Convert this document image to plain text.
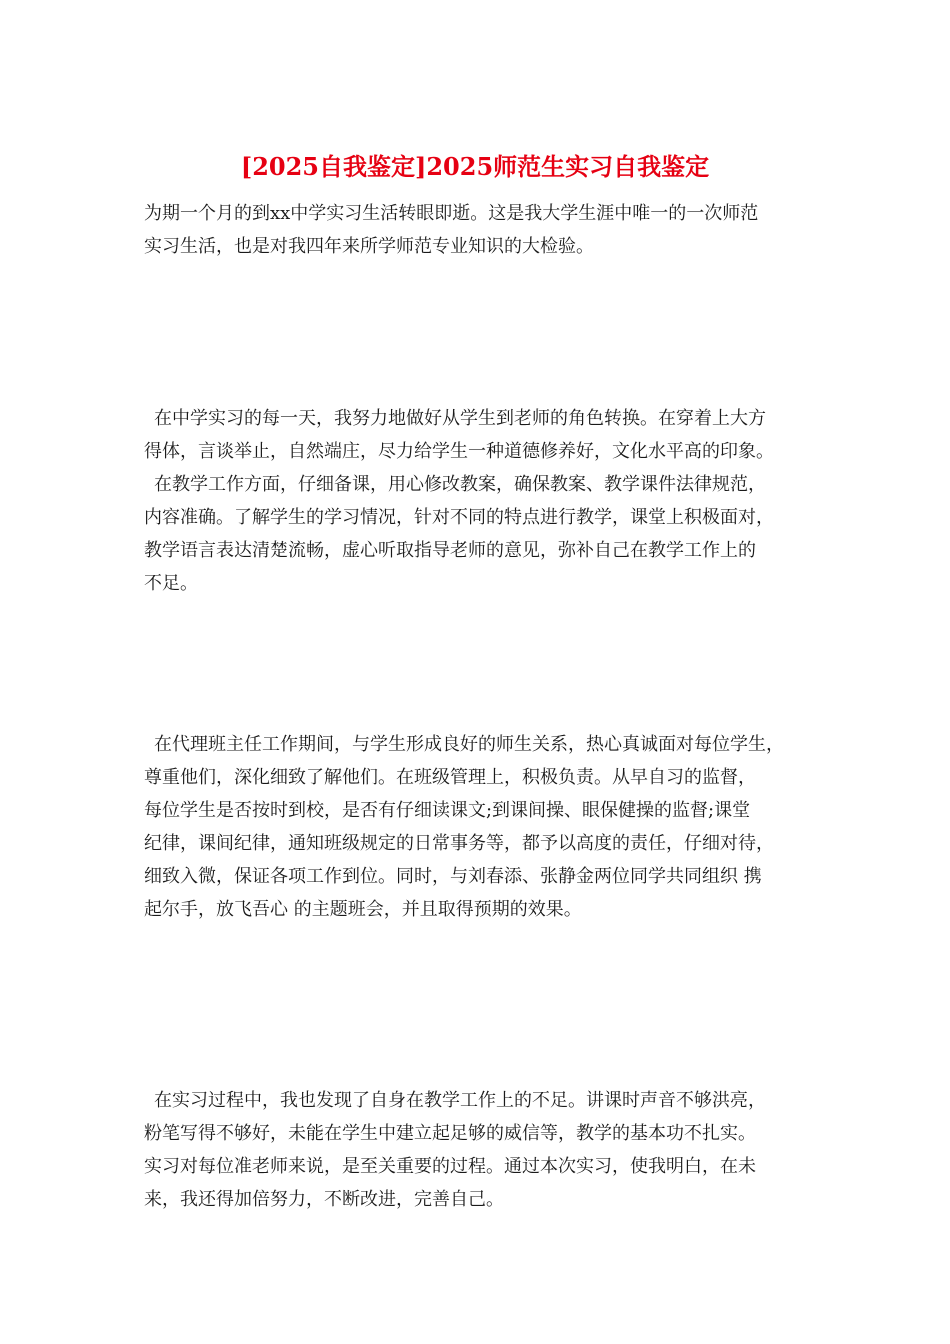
[2025自我鉴定]2025师范生实习自我鉴定
为期一个月的到xx中学实习生活转眼即逝。这是我大学生涯中唯一的一次师范
实习生活，也是对我四年来所学师范专业知识的大检验。
在中学实习的每一天，我努力地做好从学生到老师的角色转换。在穿着上大方
得体，言谈举止，自然端庄，尽力给学生一种道德修养好，文化水平高的印象。
在教学工作方面，仔细备课，用心修改教案，确保教案、教学课件法律规范，
内容准确。了解学生的学习情况，针对不同的特点进行教学，课堂上积极面对，
教学语言表达清楚流畅，虚心听取指导老师的意见，弥补自己在教学工作上的
不足。
在代理班主任工作期间，与学生形成良好的师生关系，热心真诚面对每位学生，
尊重他们，深化细致了解他们。在班级管理上，积极负责。从早自习的监督，
每位学生是否按时到校，是否有仔细读课文;到课间操、眼保健操的监督;课堂
纪律，课间纪律，通知班级规定的日常事务等，都予以高度的责任，仔细对待，
细致入微，保证各项工作到位。同时，与刘春添、张静金两位同学共同组织 携
起尔手，放飞吾心 的主题班会，并且取得预期的效果。
在实习过程中，我也发现了自身在教学工作上的不足。讲课时声音不够洪亮，
粉笔写得不够好，未能在学生中建立起足够的威信等，教学的基本功不扎实。
实习对每位准老师来说，是至关重要的过程。通过本次实习，使我明白，在未
来，我还得加倍努力，不断改进，完善自己。
